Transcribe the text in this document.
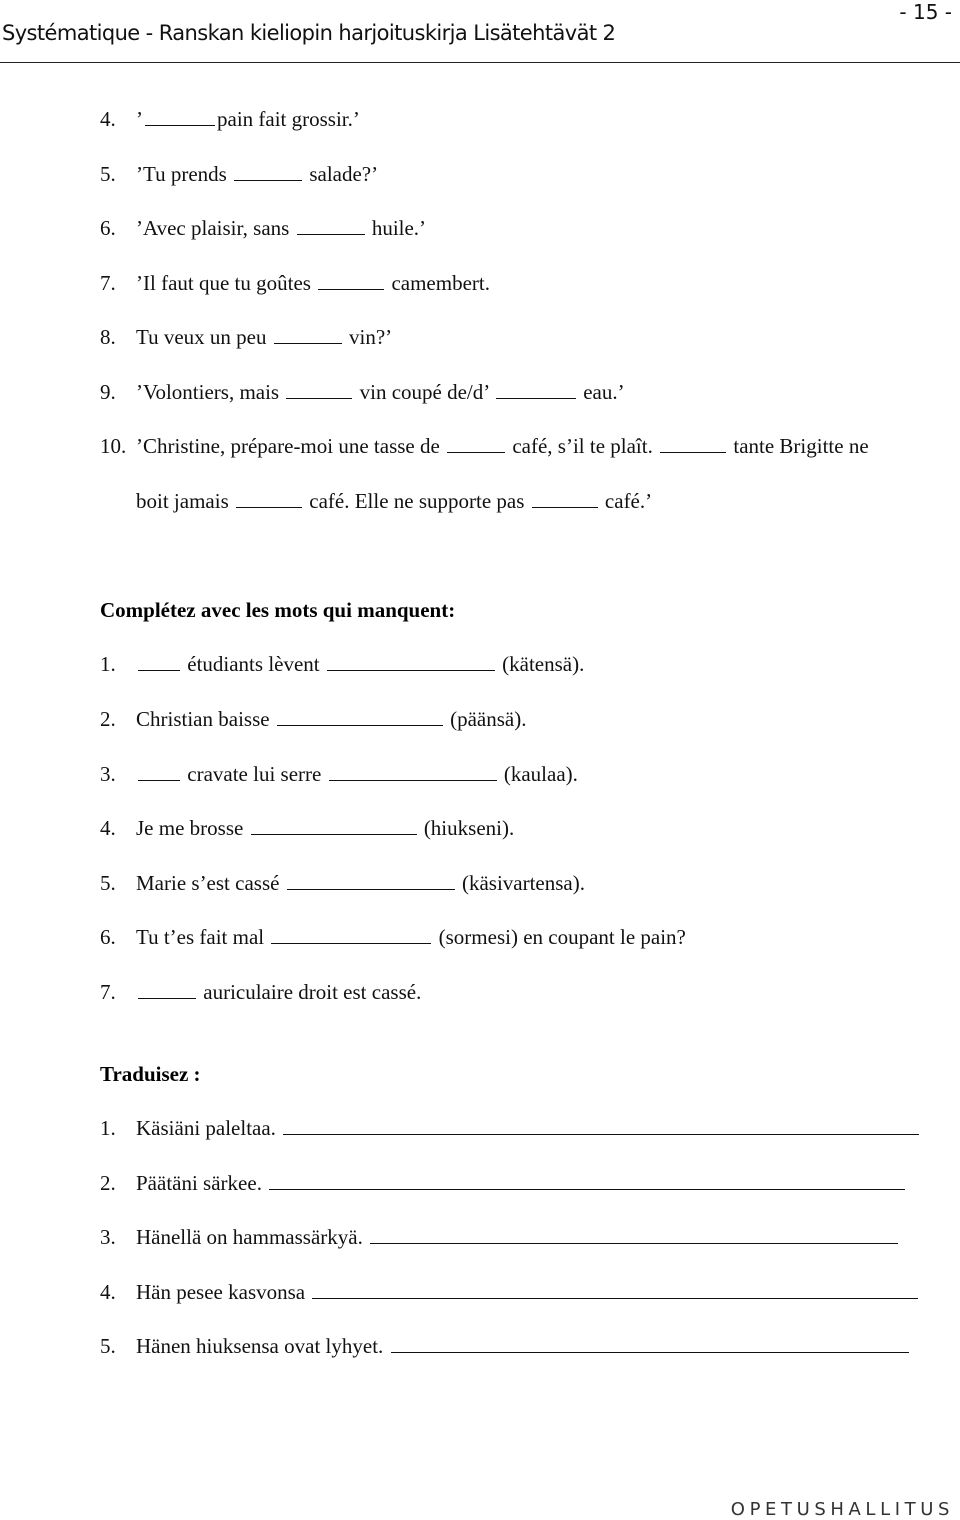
Systématique - Ranskan kieliopin harjoituskirja Lisätehtävät 2
- 15 -
4. ’	pain fait grossir.’
5. ’Tu prends	salade?’
6. ’Avec plaisir, sans	huile.’
7. ’Il faut que tu goûtes	camembert.
8. Tu veux un peu	vin?’
9. ’Volontiers, mais	vin coupé de/d’	eau.’
10. ’Christine, prépare-moi une tasse de	café, s’il te plaît.	tante Brigitte ne
boit jamais	café. Elle ne supporte pas	café.’
Complétez avec les mots qui manquent:
1.	étudiants lèvent	(kätensä).
2. Christian baisse	(päänsä).
3.	cravate lui serre	(kaulaa).
4. Je me brosse	(hiukseni).
5. Marie s’est cassé	(käsivartensa).
6. Tu t’es fait mal	(sormesi) en coupant le pain?
7.	auriculaire droit est cassé.
Traduisez :
1. Käsiäni paleltaa.
2. Päätäni särkee.
3. Hänellä on hammassärkyä.
4. Hän pesee kasvonsa
5. Hänen hiuksensa ovat lyhyet.
OPETUSHALLITUS
